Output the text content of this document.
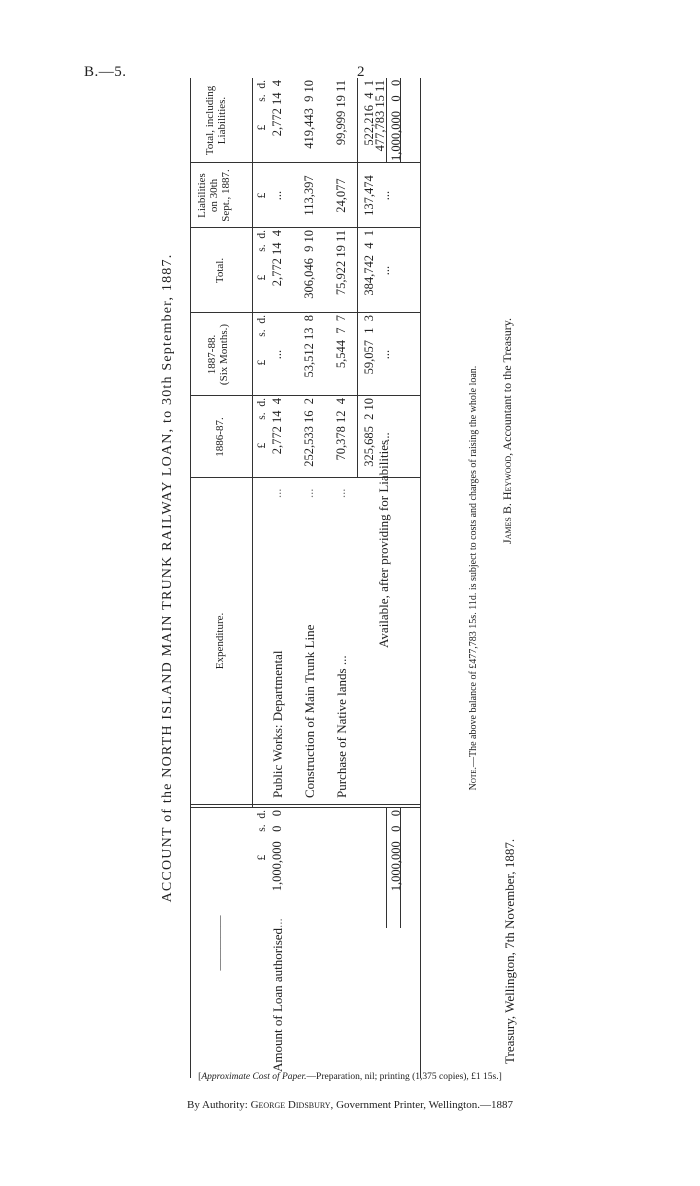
B.—5.	2
ACCOUNT of the NORTH ISLAND MAIN TRUNK RAILWAY LOAN, to 30th September, 1887.
Expenditure.
1886-87.
1887-88. (Six Months.)
Total.
Liabilities on 30th Sept., 1887.
Total, including Liabilities.
—————
£        s.  d.
Amount of Loan authorised...
1,000,000   0   0	1,000,000   0   0
£        s.  d.
£        s.  d.
£        s.  d.
£
£        s.  d.
Public Works: Departmental
...
2,772 14  4
...
2,772 14  4
...
2,772 14  4
Construction of Main Trunk Line
...
252,533 16  2
53,512 13  8
306,046  9 10
113,397
419,443  9 10
Purchase of Native lands ...
...
70,378 12  4
5,544  7  7
75,922 19 11
24,077
99,999 19 11
325,685  2 10
59,057  1  3
384,742  4  1
137,474
522,216  4  1
Available, after providing for Liabilities
...
...
...
...
477,783 15 11 1,000,000   0   0
Note.—The above balance of £477,783 15s. 11d. is subject to costs and charges of raising the whole loan.
Treasury, Wellington, 7th November, 1887.
James B. Heywood, Accountant to the Treasury.
[Approximate Cost of Paper.—Preparation, nil; printing (1,375 copies), £1 15s.]
By Authority: George Didsbury, Government Printer, Wellington.—1887
